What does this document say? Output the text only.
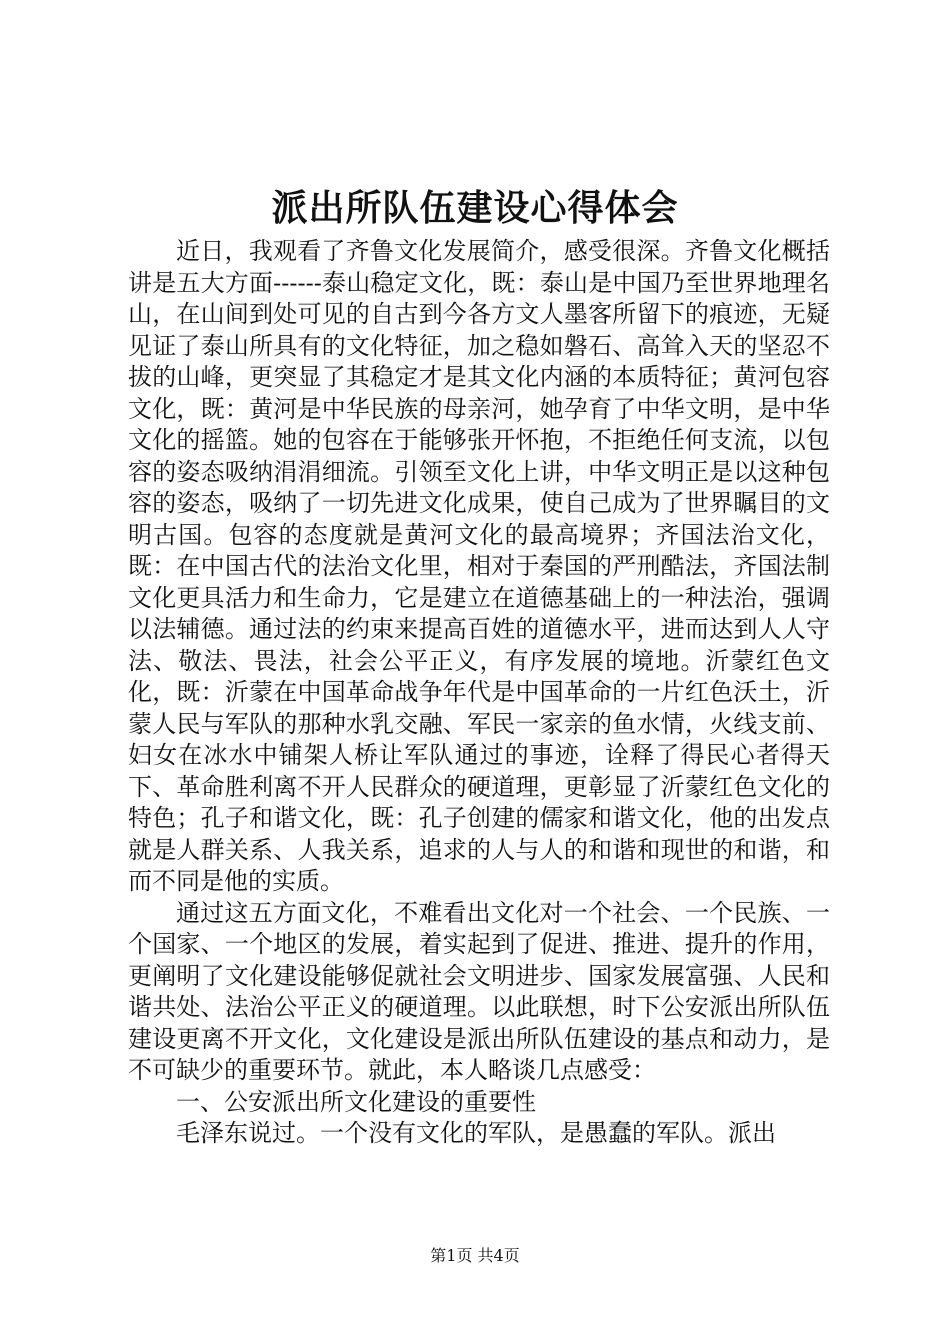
派出所队伍建设心得体会

近日，我观看了齐鲁文化发展简介，感受很深。齐鲁文化概括讲是五大方面------泰山稳定文化，既：泰山是中国乃至世界地理名山，在山间到处可见的自古到今各方文人墨客所留下的痕迹，无疑见证了泰山所具有的文化特征，加之稳如磐石、高耸入天的坚忍不拔的山峰，更突显了其稳定才是其文化内涵的本质特征；黄河包容文化，既：黄河是中华民族的母亲河，她孕育了中华文明，是中华文化的摇篮。她的包容在于能够张开怀抱，不拒绝任何支流，以包容的姿态吸纳涓涓细流。引领至文化上讲，中华文明正是以这种包容的姿态，吸纳了一切先进文化成果，使自己成为了世界瞩目的文明古国。包容的态度就是黄河文化的最高境界；齐国法治文化，既：在中国古代的法治文化里，相对于秦国的严刑酷法，齐国法制文化更具活力和生命力，它是建立在道德基础上的一种法治，强调以法辅德。通过法的约束来提高百姓的道德水平，进而达到人人守法、敬法、畏法，社会公平正义，有序发展的境地。沂蒙红色文化，既：沂蒙在中国革命战争年代是中国革命的一片红色沃土，沂蒙人民与军队的那种水乳交融、军民一家亲的鱼水情，火线支前、妇女在冰水中铺架人桥让军队通过的事迹，诠释了得民心者得天下、革命胜利离不开人民群众的硬道理，更彰显了沂蒙红色文化的特色；孔子和谐文化，既：孔子创建的儒家和谐文化，他的出发点就是人群关系、人我关系，追求的人与人的和谐和现世的和谐，和而不同是他的实质。

通过这五方面文化，不难看出文化对一个社会、一个民族、一个国家、一个地区的发展，着实起到了促进、推进、提升的作用，更阐明了文化建设能够促就社会文明进步、国家发展富强、人民和谐共处、法治公平正义的硬道理。以此联想，时下公安派出所队伍建设更离不开文化，文化建设是派出所队伍建设的基点和动力，是不可缺少的重要环节。就此，本人略谈几点感受：

一、公安派出所文化建设的重要性

毛泽东说过。一个没有文化的军队，是愚蠢的军队。派出

第1页 共4页
